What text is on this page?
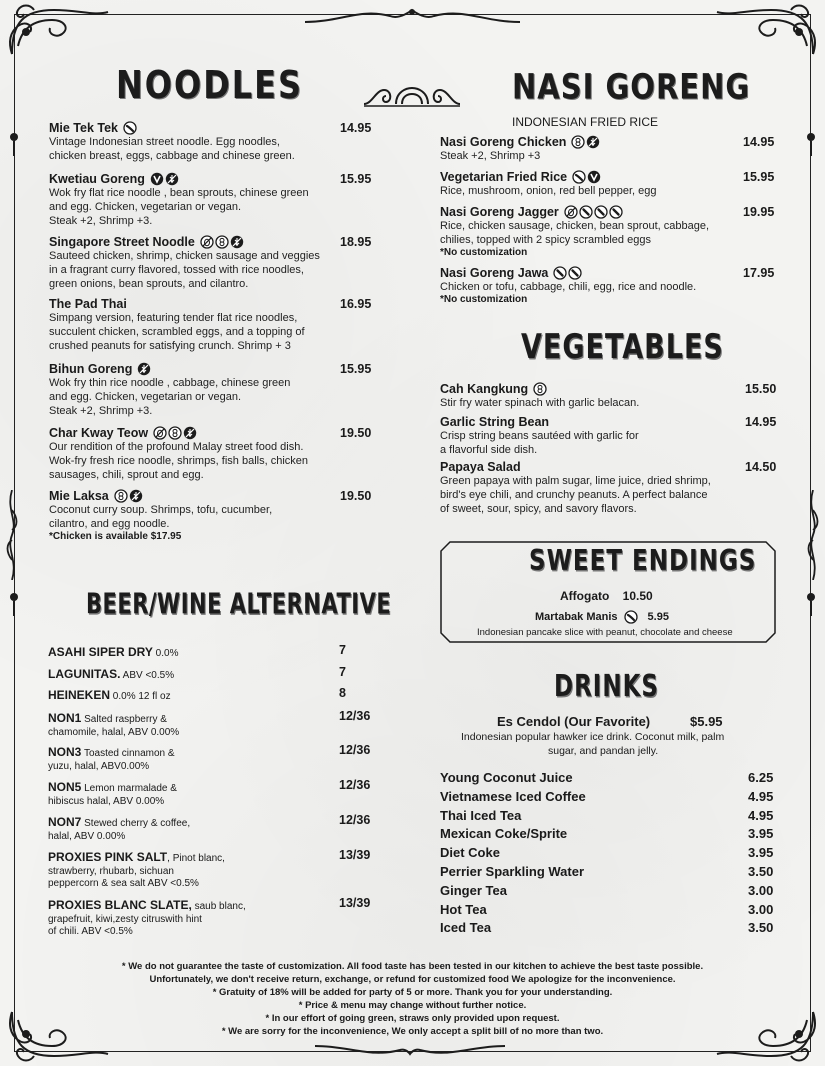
NOODLES	NASI GORENG
INDONESIAN FRIED RICE
VEGETABLES
SWEET ENDINGS
DRINKS
BEER/WINE ALTERNATIVE
Mie Tek Tek
Vintage Indonesian street noodle. Egg noodles,
chicken breast, eggs, cabbage and chinese green.
14.95
Kwetiau Goreng
Wok fry flat rice noodle , bean sprouts, chinese green
and egg. Chicken, vegetarian or vegan.
Steak +2, Shrimp +3.
15.95
Singapore Street Noodle
Sauteed chicken, shrimp, chicken sausage and veggies
in a fragrant curry flavored, tossed with rice noodles,
green onions, bean sprouts, and cilantro.
18.95
The Pad Thai
Simpang version, featuring tender flat rice noodles,
succulent chicken, scrambled eggs, and a topping of
crushed peanuts for satisfying crunch. Shrimp + 3
16.95
Bihun Goreng
Wok fry thin rice noodle , cabbage, chinese green
and egg. Chicken, vegetarian or vegan.
Steak +2, Shrimp +3.
15.95
Char Kway Teow
Our rendition of the profound Malay street food dish.
Wok-fry fresh rice noodle, shrimps, fish balls, chicken
sausages, chili, sprout and egg.
19.50
Mie Laksa
Coconut curry soup. Shrimps, tofu, cucumber,
cilantro, and egg noodle.
*Chicken is available $17.95
19.50
Nasi Goreng Chicken
Steak +2, Shrimp +3
14.95
Vegetarian Fried Rice
Rice, mushroom, onion, red bell pepper, egg
15.95
Nasi Goreng Jagger
Rice, chicken sausage, chicken, bean sprout, cabbage,
chilies, topped with 2 spicy scrambled eggs
*No customization
19.95
Nasi Goreng Jawa
Chicken or tofu, cabbage, chili, egg, rice and noodle.
*No customization
17.95
Cah Kangkung
Stir fry water spinach with garlic belacan.
15.50
Garlic String Bean
Crisp string beans sautéed with garlic for
a flavorful side dish.
14.95
Papaya Salad
Green papaya with palm sugar, lime juice, dried shrimp,
bird's eye chili, and crunchy peanuts. A perfect balance
of sweet, sour, spicy, and savory flavors.
14.50
Affogato 10.50
Martabak Manis	5.95
Indonesian pancake slice with peanut, chocolate and cheese
Es Cendol (Our Favorite)	$5.95
Indonesian popular hawker ice drink. Coconut milk, palm
sugar, and pandan jelly.
Young Coconut Juice	6.25
Vietnamese Iced Coffee	4.95
Thai Iced Tea	4.95
Mexican Coke/Sprite	3.95
Diet Coke	3.95
Perrier Sparkling Water	3.50
Ginger Tea	3.00
Hot Tea	3.00
Iced Tea	3.50
ASAHI SIPER DRY 0.0%	7
LAGUNITAS. ABV <0.5%	7
HEINEKEN 0.0% 12 fl oz	8
NON1 Salted raspberry &
chamomile, halal, ABV 0.00%
12/36
NON3 Toasted cinnamon &
yuzu, halal, ABV0.00%
12/36
NON5 Lemon marmalade &
hibiscus halal, ABV 0.00%
12/36
NON7 Stewed cherry & coffee,
halal, ABV 0.00%
12/36
PROXIES PINK SALT, Pinot blanc,
strawberry, rhubarb, sichuan
peppercorn & sea salt ABV <0.5%
13/39
PROXIES BLANC SLATE, saub blanc,
grapefruit, kiwi,zesty citruswith hint
of chili. ABV <0.5%
13/39
* We do not guarantee the taste of customization. All food taste has been tested in our kitchen to achieve the best taste possible.
Unfortunately, we don't receive return, exchange, or refund for customized food We apologize for the inconvenience.
* Gratuity of 18% will be added for party of 5 or more. Thank you for your understanding.
* Price & menu may change without further notice.
* In our effort of going green, straws only provided upon request.
* We are sorry for the inconvenience, We only accept a split bill of no more than two.
